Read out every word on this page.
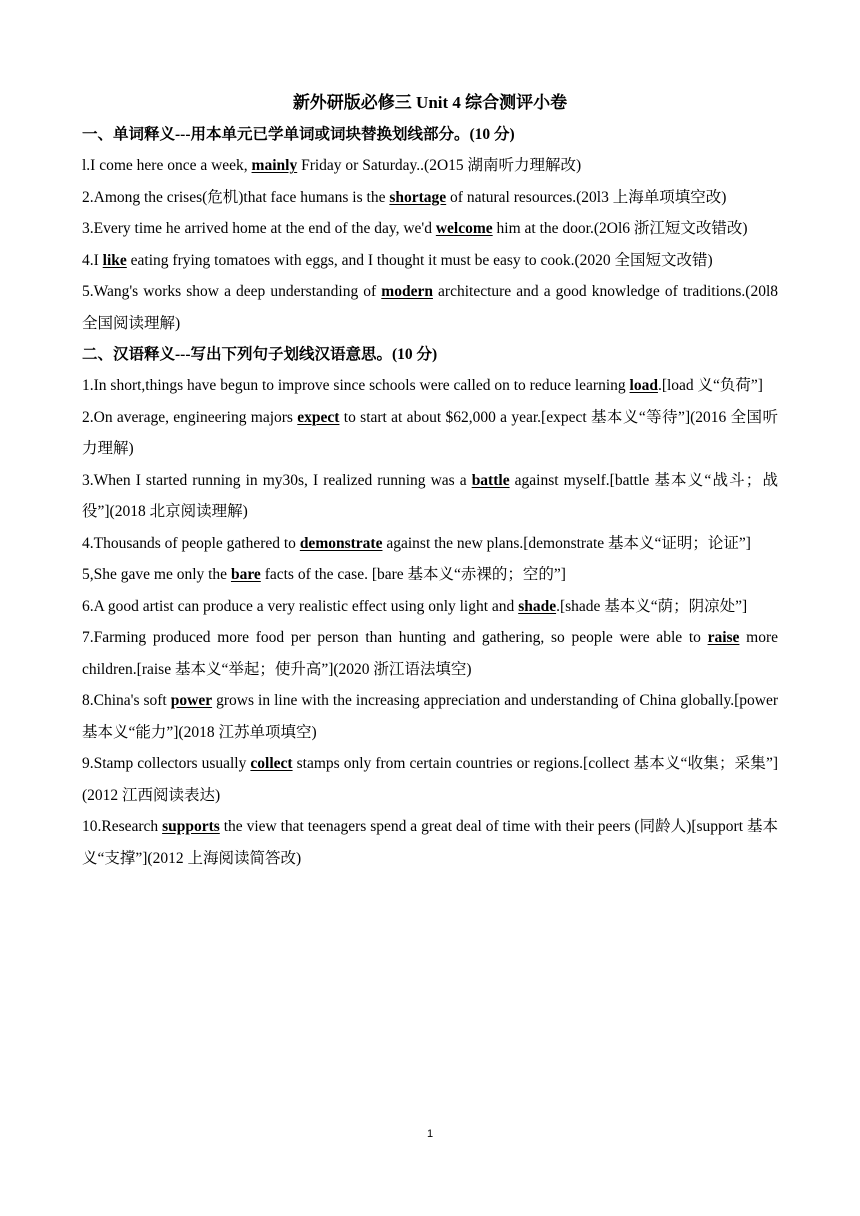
新外研版必修三 Unit 4 综合测评小卷
一、单词释义---用本单元已学单词或词块替换划线部分。(10 分)
l.I come here once a week, mainly Friday or Saturday..(2O15 湖南听力理解改)
2.Among the crises(危机)that face humans is the shortage of natural resources.(20l3 上海单项填空改)
3.Every time he arrived home at the end of the day, we'd welcome him at the door.(2Ol6 浙江短文改错改)
4.I like eating frying tomatoes with eggs, and I thought it must be easy to cook.(2020 全国短文改错)
5.Wang's works show a deep understanding of modern architecture and a good knowledge of traditions.(20l8 全国阅读理解)
二、汉语释义---写出下列句子划线汉语意思。(10 分)
1.In short,things have begun to improve since schools were called on to reduce learning load.[load 义“负荷”]
2.On average, engineering majors expect to start at about $62,000 a year.[expect 基本义“等待”](2016 全国听力理解)
3.When I started running in my30s, I realized running was a battle against myself.[battle 基本义“战斗；战役”](2018 北京阅读理解)
4.Thousands of people gathered to demonstrate against the new plans.[demonstrate 基本义“证明；论证”]
5,She gave me only the bare facts of the case. [bare 基本义“赤裸的；空的”]
6.A good artist can produce a very realistic effect using only light and shade.[shade 基本义“荫；阴凉处”]
7.Farming produced more food per person than hunting and gathering, so people were able to raise more children.[raise 基本义“举起；使升高”](2020 浙江语法填空)
8.China's soft power grows in line with the increasing appreciation and understanding of China globally.[power 基本义“能力”](2018 江苏单项填空)
9.Stamp collectors usually collect stamps only from certain countries or regions.[collect 基本义“收集；采集”](2012 江西阅读表达)
10.Research supports the view that teenagers spend a great deal of time with their peers (同龄人)[support 基本义“支撑”](2012 上海阅读简答改)
1
